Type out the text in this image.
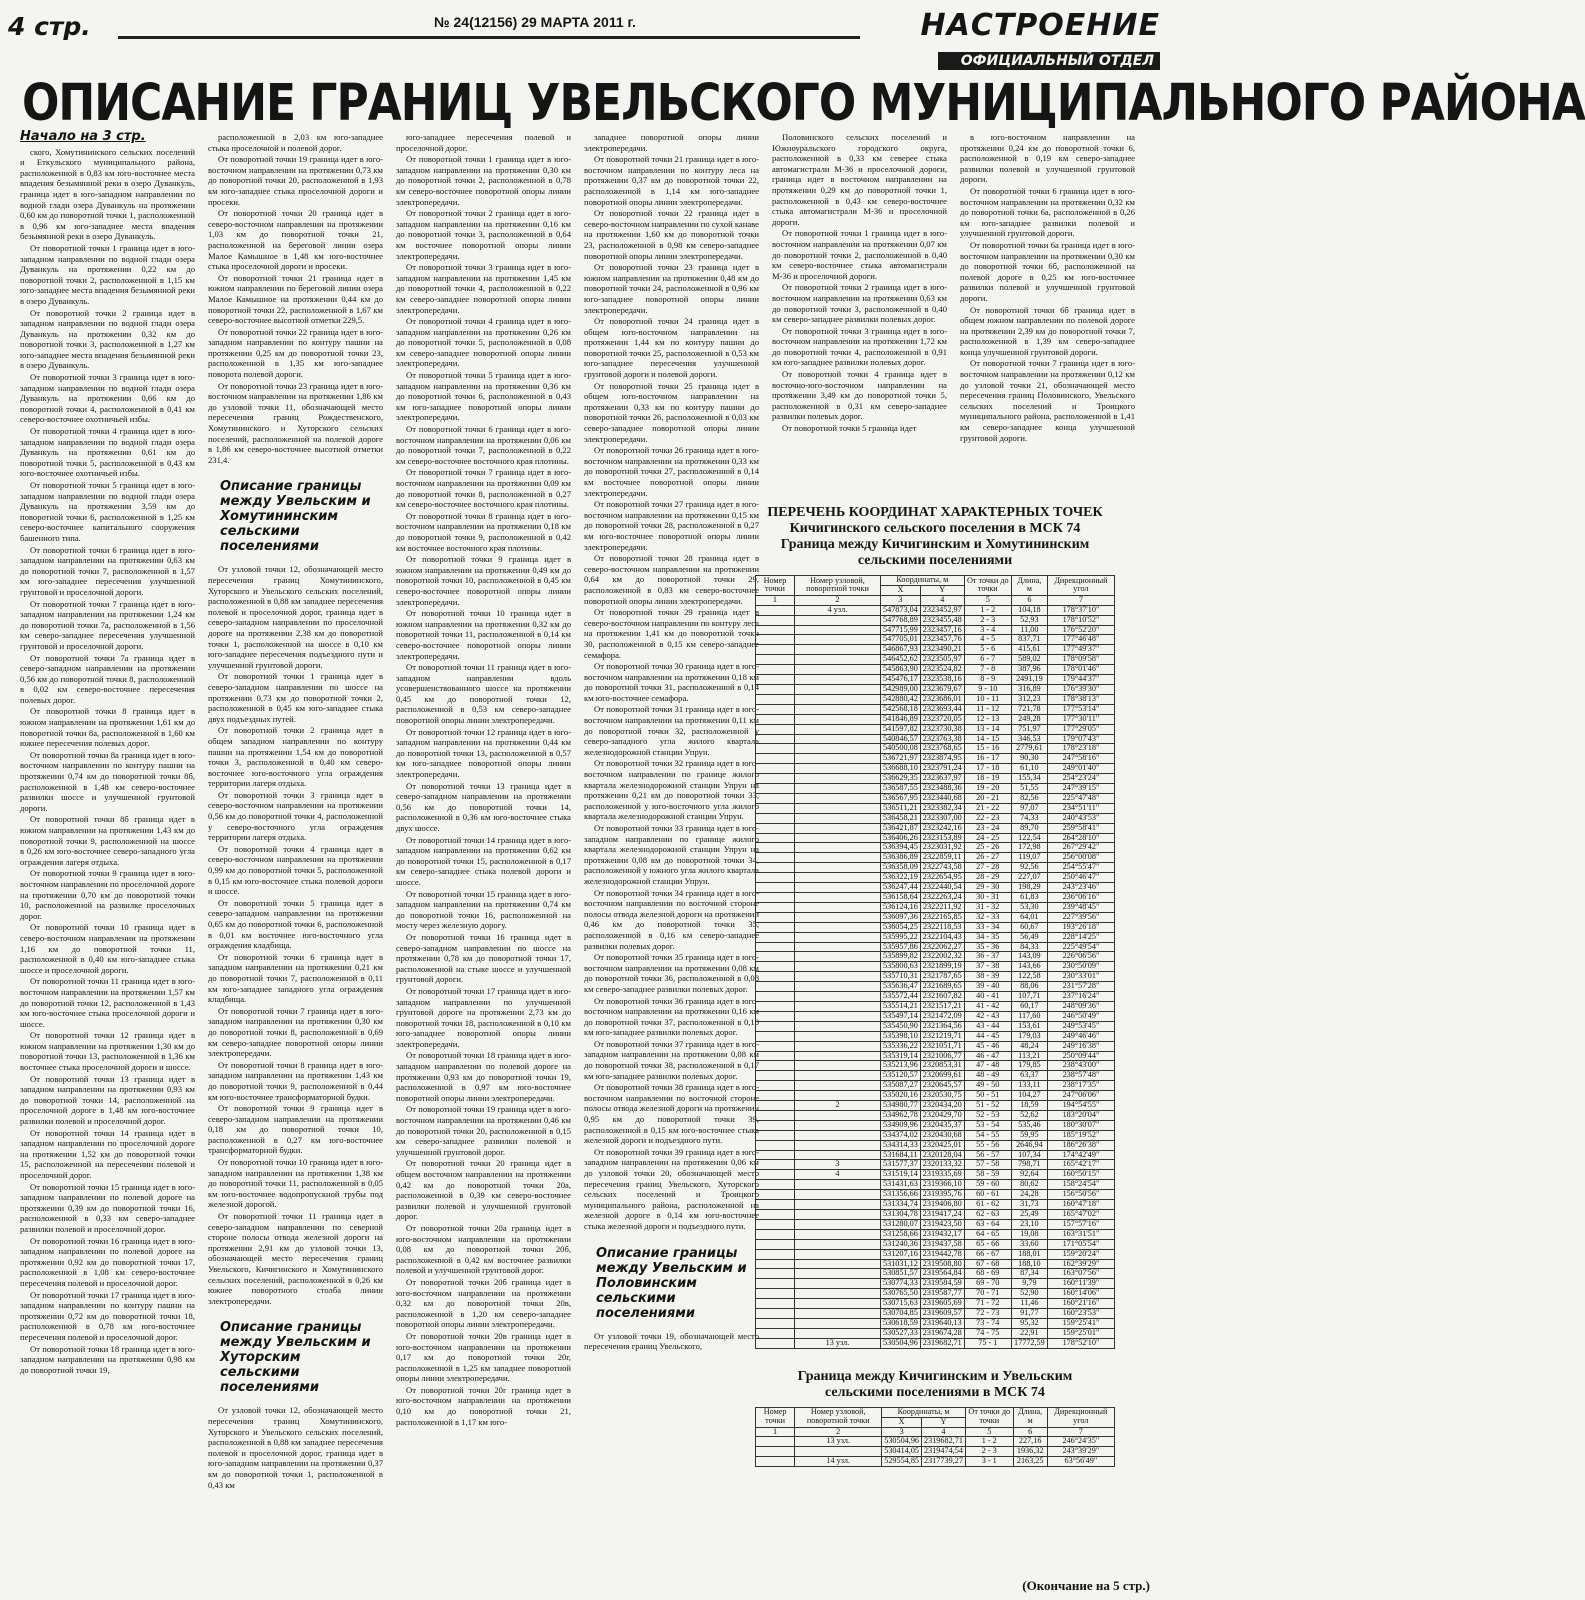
4 стр.	№ 24(12156) 29 МАРТА 2011 г.	НАСТРОЕНИЕ
ОФИЦИАЛЬНЫЙ ОТДЕЛ
ОПИСАНИЕ ГРАНИЦ УВЕЛЬСКОГО МУНИЦИПАЛЬНОГО РАЙОНА
Начало на 3 стр.

ского, Хомутининского сельских поселений и Еткульского муниципального района, расположенной в 0,83 км юго-восточнее места впадения безымянной реки в озеро Дуванкуль, граница идет в юго-западном направлении по водной глади озера Дуванкуль на протяжении 0,60 км до поворотной точки 1, расположенной в 0,96 км юго-западнее места впадения безымянной реки в озеро Дуванкуль.

От поворотной точки 1 граница идет в юго-западном направлении по водной глади озера Дуванкуль на протяжении 0,22 км до поворотной точки 2, расположенной в 1,15 км юго-западнее места впадения безымянной реки в озеро Дуванкуль.

От поворотной точки 2 граница идет в западном направлении по водной глади озера Дуванкуль на протяжении 0,32 км до поворотной точки 3, расположенной в 1,27 км юго-западнее места впадения безымянной реки в озеро Дуванкуль.

От поворотной точки 3 граница идет в юго-западном направлении по водной глади озера Дуванкуль на протяжении 0,66 км до поворотной точки 4, расположенной в 0,41 км северо-восточнее охотничьей избы.

От поворотной точки 4 граница идет в юго-западном направлении по водной глади озера Дуванкуль на протяжении 0,61 км до поворотной точки 5, расположенной в 0,43 км юго-восточнее охотничьей избы.

От поворотной точки 5 граница идет в юго-западном направлении по водной глади озера Дуванкуль на протяжении 3,59 км до поворотной точки 6, расположенной в 1,25 км северо-восточнее капитального сооружения башенного типа.

От поворотной точки 6 граница идет в юго-западном направлении на протяжении 0,63 км до поворотной точки 7, расположенной в 1,57 км юго-западнее пересечения улучшенной грунтовой и проселочной дороги.

От поворотной точки 7 граница идет в юго-западном направлении на протяжении 1,24 км до поворотной точки 7а, расположенной в 1,56 км северо-западнее пересечения улучшенной грунтовой и проселочной дороги.

От поворотной точки 7а граница идет в северо-западном направлении на протяжении 0,56 км до поворотной точки 8, расположенной в 0,02 км северо-восточнее пересечения полевых дорог.

От поворотной точки 8 граница идет в южном направлении на протяжении 1,61 км до поворотной точки 8а, расположенной в 1,60 км южнее пересечения полевых дорог.

От поворотной точки 8а граница идет в юго-восточном направлении по контуру пашни на протяжении 0,74 км до поворотной точки 8б, расположенной в 1,48 км северо-восточнее развилки шоссе и улучшенной грунтовой дороги.

От поворотной точки 8б граница идет в южном направлении на протяжении 1,43 км до поворотной точки 9, расположенной на шоссе в 0,26 км юго-восточнее северо-западного угла ограждения лагеря отдыха.

От поворотной точки 9 граница идет в юго-восточном направлении по проселочной дороге на протяжении 0,70 км до поворотной точки 10, расположенной на развилке проселочных дорог.

От поворотной точки 10 граница идет в северо-восточном направлении на протяжении 1,16 км до поворотной точки 11, расположенной в 0,40 км юго-западнее стыка шоссе и проселочной дороги.

От поворотной точки 11 граница идет в юго-восточном направлении на протяжении 1,57 км до поворотной точки 12, расположенной в 1,43 км юго-восточнее стыка проселочной дороги и шоссе.

От поворотной точки 12 граница идет в южном направлении на протяжении 1,30 км до поворотной точки 13, расположенной в 1,36 км восточнее стыка проселочной дороги и шоссе.

От поворотной точки 13 граница идет в западном направлении на протяжении 0,93 км до поворотной точки 14, расположенной на проселочной дороге в 1,48 км юго-восточнее развилки полевой и проселочной дорог.

От поворотной точки 14 граница идет в западном направлении по проселочной дороге на протяжении 1,52 км до поворотной точки 15, расположенной на пересечении полевой и проселочной дорог.

От поворотной точки 15 граница идет в юго-западном направлении по полевой дороге на протяжении 0,39 км до поворотной точки 16, расположенной в 0,33 км северо-западнее развилки полевой и проселочной дорог.

От поворотной точки 16 граница идет в юго-западном направлении по полевой дороге на протяжении 0,92 км до поворотной точки 17, расположенной в 1,08 км северо-восточнее пересечения полевой и проселочной дорог.

От поворотной точки 17 граница идет в юго-западном направлении по контуру пашни на протяжении 0,72 км до поворотной точки 18, расположенной в 0,78 км юго-восточнее пересечения полевой и проселочной дорог.

От поворотной точки 18 граница идет в юго-западном направлении на протяжении 0,98 км до поворотной точки 19,

расположенной в 2,03 км юго-западнее стыка проселочной и полевой дорог.

От поворотной точки 19 граница идет в юго-восточном направлении на протяжении 0,73 км до поворотной точки 20, расположенной в 1,93 км юго-западнее стыка проселочной дороги и просеки.

От поворотной точки 20 граница идет в северо-восточном направлении на протяжении 1,03 км до поворотной точки 21, расположенной на береговой линии озера Малое Камышное в 1,48 км юго-восточнее стыка проселочной дороги и просеки.

От поворотной точки 21 граница идет в южном направлении по береговой линии озера Малое Камышное на протяжении 0,44 км до поворотной точки 22, расположенной в 1,67 км северо-восточнее высотной отметки 229,5.

От поворотной точки 22 граница идет в юго-западном направлении по контуру пашни на протяжении 0,25 км до поворотной точки 23, расположенной в 1,35 км юго-западнее поворота полевой дороги.

От поворотной точки 23 граница идет в юго-восточном направлении на протяжении 1,86 км до узловой точки 11, обозначающей место пересечения границ Рождественского, Хомутининского и Хуторского сельских поселений, расположенной на полевой дороге в 1,86 км северо-восточнее высотной отметки 231,4.

Описание границы между Увельским и Хомутининским сельскими поселениями

От узловой точки 12, обозначающей место пересечения границ Хомутининского, Хуторского и Увельского сельских поселений, расположенной в 0,88 км западнее пересечения полевой и проселочной дорог, граница идет в северо-западном направлении по проселочной дороге на протяжении 2,38 км до поворотной точки 1, расположенной на шоссе в 0,10 км юго-западнее пересечения подъездного пути и улучшенной грунтовой дороги.

От поворотной точки 1 граница идет в северо-западном направлении по шоссе на протяжении 0,73 км до поворотной точки 2, расположенной в 0,45 км юго-западнее стыка двух подъездных путей.

От поворотной точки 2 граница идет в общем западном направлении по контуру пашни на протяжении 1,54 км до поворотной точки 3, расположенной в 0,40 км северо-восточнее юго-восточного угла ограждения территории лагеря отдыха.

От поворотной точки 3 граница идет в северо-восточном направлении на протяжении 0,56 км до поворотной точки 4, расположенной у северо-восточного угла ограждения территории лагеря отдыха.

От поворотной точки 4 граница идет в северо-восточном направлении на протяжении 0,99 км до поворотной точки 5, расположенной в 0,15 км юго-восточнее стыка полевой дороги и шоссе.

От поворотной точки 5 граница идет в северо-западном направлении на протяжении 0,65 км до поворотной точки 6, расположенной в 0,01 км восточнее юго-восточного угла ограждения кладбища.

От поворотной точки 6 граница идет в западном направлении на протяжении 0,21 км до поворотной точки 7, расположенной в 0,11 км юго-западнее западного угла ограждения кладбища.

От поворотной точки 7 граница идет в юго-западном направлении на протяжении 0,30 км до поворотной точки 8, расположенной в 0,69 км северо-западнее поворотной опоры линии электропередачи.

От поворотной точки 8 граница идет в юго-западном направлении на протяжении 1,43 км до поворотной точки 9, расположенной в 0,44 км юго-восточнее трансформаторной будки.

От поворотной точки 9 граница идет в северо-западном направлении на протяжении 0,18 км до поворотной точки 10, расположенной в 0,27 км юго-восточнее трансформаторной будки.

От поворотной точки 10 граница идет в юго-западном направлении на протяжении 1,38 км до поворотной точки 11, расположенной в 0,05 км юго-восточнее водопропускной трубы под железной дорогой.

От поворотной точки 11 граница идет в северо-западном направлении по северной стороне полосы отвода железной дороги на протяжении 2,91 км до узловой точки 13, обозначающей место пересечения границ Увельского, Кичигинского и Хомутининского сельских поселений, расположенной в 0,26 км южнее поворотного столба линии электропередачи.

Описание границы между Увельским и Хуторским сельскими поселениями

От узловой точки 12, обозначающей место пересечения границ Хомутининского, Хуторского и Увельского сельских поселений, расположенной в 0,88 км западнее пересечения полевой и проселочной дорог, граница идет в юго-западном направлении на протяжении 0,37 км до поворотной точки 1, расположенной в 0,43 км

юго-западнее пересечения полевой и проселочной дорог.

От поворотной точки 1 граница идет в юго-западном направлении на протяжении 0,30 км до поворотной точки 2, расположенной в 0,78 км северо-восточнее поворотной опоры линии электропередачи.

От поворотной точки 2 граница идет в юго-западном направлении на протяжении 0,16 км до поворотной точки 3, расположенной в 0,64 км восточнее поворотной опоры линии электропередачи.

От поворотной точки 3 граница идет в юго-западном направлении на протяжении 1,45 км до поворотной точки 4, расположенной в 0,22 км северо-западнее поворотной опоры линии электропередачи.

От поворотной точки 4 граница идет в юго-западном направлении на протяжении 0,26 км до поворотной точки 5, расположенной в 0,08 км северо-западнее поворотной опоры линии электропередачи.

От поворотной точки 5 граница идет в юго-западном направлении на протяжении 0,36 км до поворотной точки 6, расположенной в 0,43 км юго-западнее поворотной опоры линии электропередачи.

От поворотной точки 6 граница идет в юго-восточном направлении на протяжении 0,06 км до поворотной точки 7, расположенной в 0,22 км северо-восточнее восточного края плотины.

От поворотной точки 7 граница идет в юго-восточном направлении на протяжении 0,09 км до поворотной точки 8, расположенной в 0,27 км северо-восточнее восточного края плотины.

От поворотной точки 8 граница идет в юго-восточном направлении на протяжении 0,18 км до поворотной точки 9, расположенной в 0,42 км восточнее восточного края плотины.

От поворотной точки 9 граница идет в южном направлении на протяжении 0,49 км до поворотной точки 10, расположенной в 0,45 км северо-восточнее поворотной опоры линии электропередачи.

От поворотной точки 10 граница идет в южном направлении на протяжении 0,32 км до поворотной точки 11, расположенной в 0,14 км северо-восточнее поворотной опоры линии электропередачи.

От поворотной точки 11 граница идет в юго-западном направлении вдоль усовершенствованного шоссе на протяжении 0,45 км до поворотной точки 12, расположенной в 0,53 км северо-западнее поворотной опоры линии электропередачи.

От поворотной точки 12 граница идет в юго-западном направлении на протяжении 0,44 км до поворотной точки 13, расположенной в 0,57 км юго-западнее поворотной опоры линии электропередачи.

От поворотной точки 13 граница идет в северо-западном направлении на протяжении 0,56 км до поворотной точки 14, расположенной в 0,36 км юго-восточнее стыка двух шоссе.

От поворотной точки 14 граница идет в юго-западном направлении на протяжении 0,62 км до поворотной точки 15, расположенной в 0,17 км северо-западнее стыка полевой дороги и шоссе.

От поворотной точки 15 граница идет в юго-западном направлении на протяжении 0,74 км до поворотной точки 16, расположенной на мосту через железную дорогу.

От поворотной точки 16 граница идет в северо-западном направлении по шоссе на протяжении 0,78 км до поворотной точки 17, расположенной на стыке шоссе и улучшенной грунтовой дороги.

От поворотной точки 17 граница идет в юго-западном направлении по улучшенной грунтовой дороге на протяжении 2,73 км до поворотной точки 18, расположенной в 0,10 км юго-западнее поворотной опоры линии электропередачи.

От поворотной точки 18 граница идет в юго-западном направлении по полевой дороге на протяжении 0,93 км до поворотной точки 19, расположенной в 0,97 км юго-восточнее поворотной опоры линии электропередачи.

От поворотной точки 19 граница идет в юго-восточном направлении на протяжении 0,46 км до поворотной точки 20, расположенной в 0,15 км северо-западнее развилки полевой и улучшенной грунтовой дорог.

От поворотной точки 20 граница идет в общем восточном направлении на протяжении 0,42 км до поворотной точки 20а, расположенной в 0,39 км северо-восточнее развилки полевой и улучшенной грунтовой дорог.

От поворотной точки 20а граница идет в юго-восточном направлении на протяжении 0,08 км до поворотной точки 20б, расположенной в 0,42 км восточнее развилки полевой и улучшенной грунтовой дорог.

От поворотной точки 20б граница идет в юго-восточном направлении на протяжении 0,32 км до поворотной точки 20в, расположенной в 1,20 км северо-западнее поворотной опоры линии электропередачи.

От поворотной точки 20в граница идет в юго-восточном направлении на протяжении 0,17 км до поворотной точки 20г, расположенной в 1,25 км западнее поворотной опоры линии электропередачи.

От поворотной точки 20г граница идет в юго-восточном направлении на протяжении 0,10 км до поворотной точки 21, расположенной в 1,17 км юго-

западнее поворотной опоры линии электропередачи.

От поворотной точки 21 граница идет в юго-восточном направлении по контуру леса на протяжении 0,37 км до поворотной точки 22, расположенной в 1,14 км юго-западнее поворотной опоры линии электропередачи.

От поворотной точки 22 граница идет в северо-восточном направлении по сухой канаве на протяжении 1,60 км до поворотной точки 23, расположенной в 0,98 км северо-западнее поворотной опоры линии электропередачи.

От поворотной точки 23 граница идет в южном направлении на протяжении 0,48 км до поворотной точки 24, расположенной в 0,96 км юго-западнее поворотной опоры линии электропередачи.

От поворотной точки 24 граница идет в общем юго-восточном направлении на протяжении 1,44 км по контуру пашни до поворотной точки 25, расположенной в 0,53 км юго-западнее пересечения улучшенной грунтовой дороги и полевой дороги.

От поворотной точки 25 граница идет в общем юго-восточном направлении на протяжении 0,33 км по контуру пашни до поворотной точки 26, расположенной в 0,03 км северо-западнее поворотной опоры линии электропередачи.

От поворотной точки 26 граница идет в юго-восточном направлении на протяжении 0,33 км до поворотной точки 27, расположенной в 0,14 км восточнее поворотной опоры линии электропередачи.

От поворотной точки 27 граница идет в юго-восточном направлении на протяжении 0,15 км до поворотной точки 28, расположенной в 0,27 км юго-восточнее поворотной опоры линии электропередачи.

От поворотной точки 28 граница идет в северо-восточном направлении на протяжении 0,64 км до поворотной точки 29, расположенной в 0,83 км северо-восточнее поворотной опоры линии электропередачи.

От поворотной точки 29 граница идет в северо-восточном направлении по контуру леса на протяжении 1,41 км до поворотной точки 30, расположенной в 0,15 км северо-западнее семафора.

От поворотной точки 30 граница идет в юго-восточном направлении на протяжении 0,18 км до поворотной точки 31, расположенной в 0,14 км юго-восточнее семафора.

От поворотной точки 31 граница идет в юго-восточном направлении на протяжении 0,11 км до поворотной точки 32, расположенной у северо-западного угла жилого квартала железнодорожной станции Упрун.

От поворотной точки 32 граница идет в юго-восточном направлении по границе жилого квартала железнодорожной станции Упрун на протяжении 0,21 км до поворотной точки 33, расположенной у юго-восточного угла жилого квартала железнодорожной станции Упрун.

От поворотной точки 33 граница идет в юго-западном направлении по границе жилого квартала железнодорожной станции Упрун на протяжении 0,08 км до поворотной точки 34, расположенной у южного угла жилого квартала железнодорожной станции Упрун.

От поворотной точки 34 граница идет в юго-восточном направлении по восточной стороне полосы отвода железной дороги на протяжении 0,46 км до поворотной точки 35, расположенной в 0,16 км северо-западнее развилки полевых дорог.

От поворотной точки 35 граница идет в юго-восточном направлении на протяжении 0,08 км до поворотной точки 36, расположенной в 0,08 км северо-западнее развилки полевых дорог.

От поворотной точки 36 граница идет в юго-восточном направлении на протяжении 0,16 км до поворотной точки 37, расположенной в 0,10 км юго-западнее развилки полевых дорог.

От поворотной точки 37 граница идет в юго-западном направлении на протяжении 0,08 км до поворотной точки 38, расположенной в 0,17 км юго-западнее развилки полевых дорог.

От поворотной точки 38 граница идет в юго-восточном направлении по восточной стороне полосы отвода железной дороги на протяжении 0,95 км до поворотной точки 39, расположенной в 0,15 км юго-восточнее стыка железной дороги и подъездного пути.

От поворотной точки 39 граница идет в юго-западном направлении на протяжении 0,06 км до узловой точки 20, обозначающей место пересечения границ Увельского, Хуторского сельских поселений и Троицкого муниципального района, расположенной на железной дороге в 0,14 км юго-восточнее стыка железной дороги и подъездного пути.

Описание границы между Увельским и Половинским сельскими поселениями

От узловой точки 19, обозначающей место пересечения границ Увельского,

Половинского сельских поселений и Южноуральского городского округа, расположенной в 0,33 км северее стыка автомагистрали М-36 и проселочной дороги, граница идет в восточном направлении на протяжении 0,29 км до поворотной точки 1, расположенной в 0,43 км северо-восточнее стыка автомагистрали М-36 и проселочной дороги.

От поворотной точки 1 граница идет в юго-восточном направлении на протяжении 0,07 км до поворотной точки 2, расположенной в 0,40 км северо-восточнее стыка автомагистрали М-36 и проселочной дороги.

От поворотной точки 2 граница идет в юго-восточном направлении на протяжении 0,63 км до поворотной точки 3, расположенной в 0,40 км северо-западнее развилки полевых дорог.

От поворотной точки 3 граница идет в юго-восточном направлении на протяжении 1,72 км до поворотной точки 4, расположенной в 0,91 км юго-западнее развилки полевых дорог.

От поворотной точки 4 граница идет в восточно-юго-восточном направлении на протяжении 3,49 км до поворотной точки 5, расположенной в 0,31 км северо-западнее развилки полевых дорог.

От поворотной точки 5 граница идет

в юго-восточном направлении на протяжении 0,24 км до поворотной точки 6, расположенной в 0,19 км северо-западнее развилки полевой и улучшенной грунтовой дороги.

От поворотной точки 6 граница идет в юго-восточном направлении на протяжении 0,32 км до поворотной точки 6а, расположенной в 0,26 км юго-западнее развилки полевой и улучшенной грунтовой дороги.

От поворотной точки 6а граница идет в юго-восточном направлении на протяжении 0,30 км до поворотной точки 6б, расположенной на полевой дороге в 0,25 км юго-восточнее развилки полевой и улучшенной грунтовой дороги.

От поворотной точки 6б граница идет в общем южном направлении по полевой дороге на протяжении 2,39 км до поворотной точки 7, расположенной в 1,39 км северо-западнее конца улучшенной грунтовой дороги.

От поворотной точки 7 граница идет в юго-восточном направлении на протяжении 0,12 км до узловой точки 21, обозначающей место пересечения границ Половинского, Увельского сельских поселений и Троицкого муниципального района, расположенной в 1,41 км северо-западнее конца улучшенной грунтовой дороги.

ПЕРЕЧЕНЬ КООРДИНАТ ХАРАКТЕРНЫХ ТОЧЕК
Кичигинского сельского поселения в МСК 74
Граница между Кичигинским и Хомутининским
сельскими поселениями
Номер точки	Номер узловой, поворотной точки	Координаты, м		От точки до точки	Длина, м	Дирекционный угол
		X	Y			
1	2	3	4	5	6	7
	4 узл.	547873,04	2323452,97	1 - 2	104,18	178°37'10"
		547768,89	2323455,48	2 - 3	52,93	178°10'52"
		547715,99	2323457,16	3 - 4	11,00	176°52'20"
		547705,01	2323457,76	4 - 5	837,71	177°46'48"
		546867,93	2323490,21	5 - 6	415,61	177°49'37"
		546452,62	2323505,97	6 - 7	589,02	178°09'58"
		545863,90	2323524,82	7 - 8	387,96	178°01'46"
		545476,17	2323538,16	8 - 9	2491,19	179°44'37"
		542989,00	2323679,67	9 - 10	316,89	176°39'30"
		542880,42	2323686,01	10 - 11	312,23	178°38'13"
		542568,18	2323693,44	11 - 12	721,78	177°53'14"
		541846,89	2323720,05	12 - 13	249,28	177°30'11"
		541597,82	2323730,38	13 - 14	751,97	177°29'05"
		540846,57	2323763,38	14 - 15	346,53	179°07'43"
		540500,08	2323768,65	15 - 16	2779,61	178°23'18"
		536721,97	2323874,95	16 - 17	90,30	247°58'16"
		536688,10	2323791,24	17 - 18	61,10	249°01'40"
		536629,35	2323637,97	18 - 19	155,34	254°23'24"
		536587,55	2323488,36	19 - 20	51,55	247°39'15"
		536567,95	2323440,68	20 - 21	82,56	225°47'48"
		536511,21	2323382,34	21 - 22	97,07	234°51'11"
		536458,21	2323307,00	22 - 23	74,33	240°43'53"
		536421,87	2323242,16	23 - 24	89,70	259°58'41"
		536406,26	2323153,89	24 - 25	122,54	264°28'10"
		536394,45	2323031,92	25 - 26	172,98	267°29'42"
		536386,89	2322859,11	26 - 27	119,07	256°00'08"
		536358,09	2322743,58	27 - 28	92,56	254°55'47"
		536322,19	2322654,95	28 - 29	227,07	250°46'47"
		536247,44	2322440,54	29 - 30	198,29	243°23'46"
		536158,64	2322263,24	30 - 31	61,83	236°06'16"
		536124,16	2322211,92	31 - 32	53,30	239°48'45"
		536097,36	2322165,85	32 - 33	64,01	227°39'56"
		536054,25	2322118,53	33 - 34	60,67	193°26'18"
		535995,22	2322104,43	34 - 35	56,49	228°14'25"
		535957,86	2322062,27	35 - 36	84,33	225°49'54"
		535899,82	2322002,32	36 - 37	143,09	226°06'56"
		535800,63	2321899,19	37 - 38	143,66	230°50'09"
		535710,31	2321787,65	38 - 39	122,58	230°33'01"
		535636,47	2321689,65	39 - 40	88,06	231°57'28"
		535572,44	2321607,82	40 - 41	107,71	237°16'24"
		535514,21	2321517,21	41 - 42	60,17	248°09'36"
		535497,14	2321472,09	42 - 43	117,60	246°50'49"
		535450,90	2321364,56	43 - 44	153,61	249°53'45"
		535398,10	2321219,71	44 - 45	179,03	249°46'46"
		535336,22	2321051,71	45 - 46	48,24	249°16'38"
		535319,14	2321006,77	46 - 47	113,21	250°09'44"
		535213,96	2320853,31	47 - 48	179,85	238°43'00"
		535120,57	2320699,61	48 - 49	63,37	238°57'48"
		535087,27	2320645,57	49 - 50	133,11	238°17'35"
		535020,16	2320530,75	50 - 51	104,27	247°06'06"
	2	534980,77	2320434,20	51 - 52	18,59	194°54'55"
		534962,78	2320429,70	52 - 53	52,62	183°20'04"
		534909,96	2320435,37	53 - 54	535,46	180°30'07"
		534374,02	2320430,68	54 - 55	59,95	185°19'52"
		534314,33	2320425,01	55 - 56	2646,94	186°26'38"
		531684,11	2320128,04	56 - 57	107,34	174°42'49"
	3	531577,37	2320133,32	57 - 58	798,71	165°42'17"
	4	531519,14	2319335,69	58 - 59	92,64	160°50'15"
		531431,63	2319366,10	59 - 60	80,62	158°24'54"
		531356,66	2319395,76	60 - 61	24,28	156°50'56"
		531334,74	2319406,80	61 - 62	31,73	160°47'18"
		531304,78	2319417,24	62 - 63	25,49	165°47'02"
		531280,07	2319423,50	63 - 64	23,10	157°57'16"
		531258,66	2319432,17	64 - 65	19,08	163°31'51"
		531240,36	2319437,58	65 - 66	33,60	171°05'54"
		531207,16	2319442,78	66 - 67	188,01	159°20'24"
		531031,12	2319508,80	67 - 68	188,10	162°39'29"
		530851,57	2319564,84	68 - 69	87,34	163°07'56"
		530774,33	2319584,59	69 - 70	9,79	160°11'39"
		530765,50	2319587,77	70 - 71	52,90	160°14'06"
		530715,63	2319605,69	71 - 72	11,46	160°21'16"
		530704,85	2319609,57	72 - 73	91,77	160°23'53"
		530618,59	2319640,13	73 - 74	95,32	159°25'41"
		530527,33	2319674,28	74 - 75	22,91	159°25'01"
	13 узл.	530504,96	2319682,71	75 - 1	17772,59	178°52'10"
Граница между Кичигинским и Увельским
сельскими поселениями в МСК 74
Номер точки	Номер узловой, поворотной точки	Координаты, м		От точки до точки	Длина, м	Дирекционный угол
		X	Y			
1	2	3	4	5	6	7
	13 узл.	530504,96	2319682,71	1 - 2	227,16	246°24'35"
		530414,05	2319474,54	2 - 3	1936,32	243°39'29"
	14 узл.	529554,85	2317739,27	3 - 1	2163,25	63°56'49"
(Окончание на 5 стр.)
